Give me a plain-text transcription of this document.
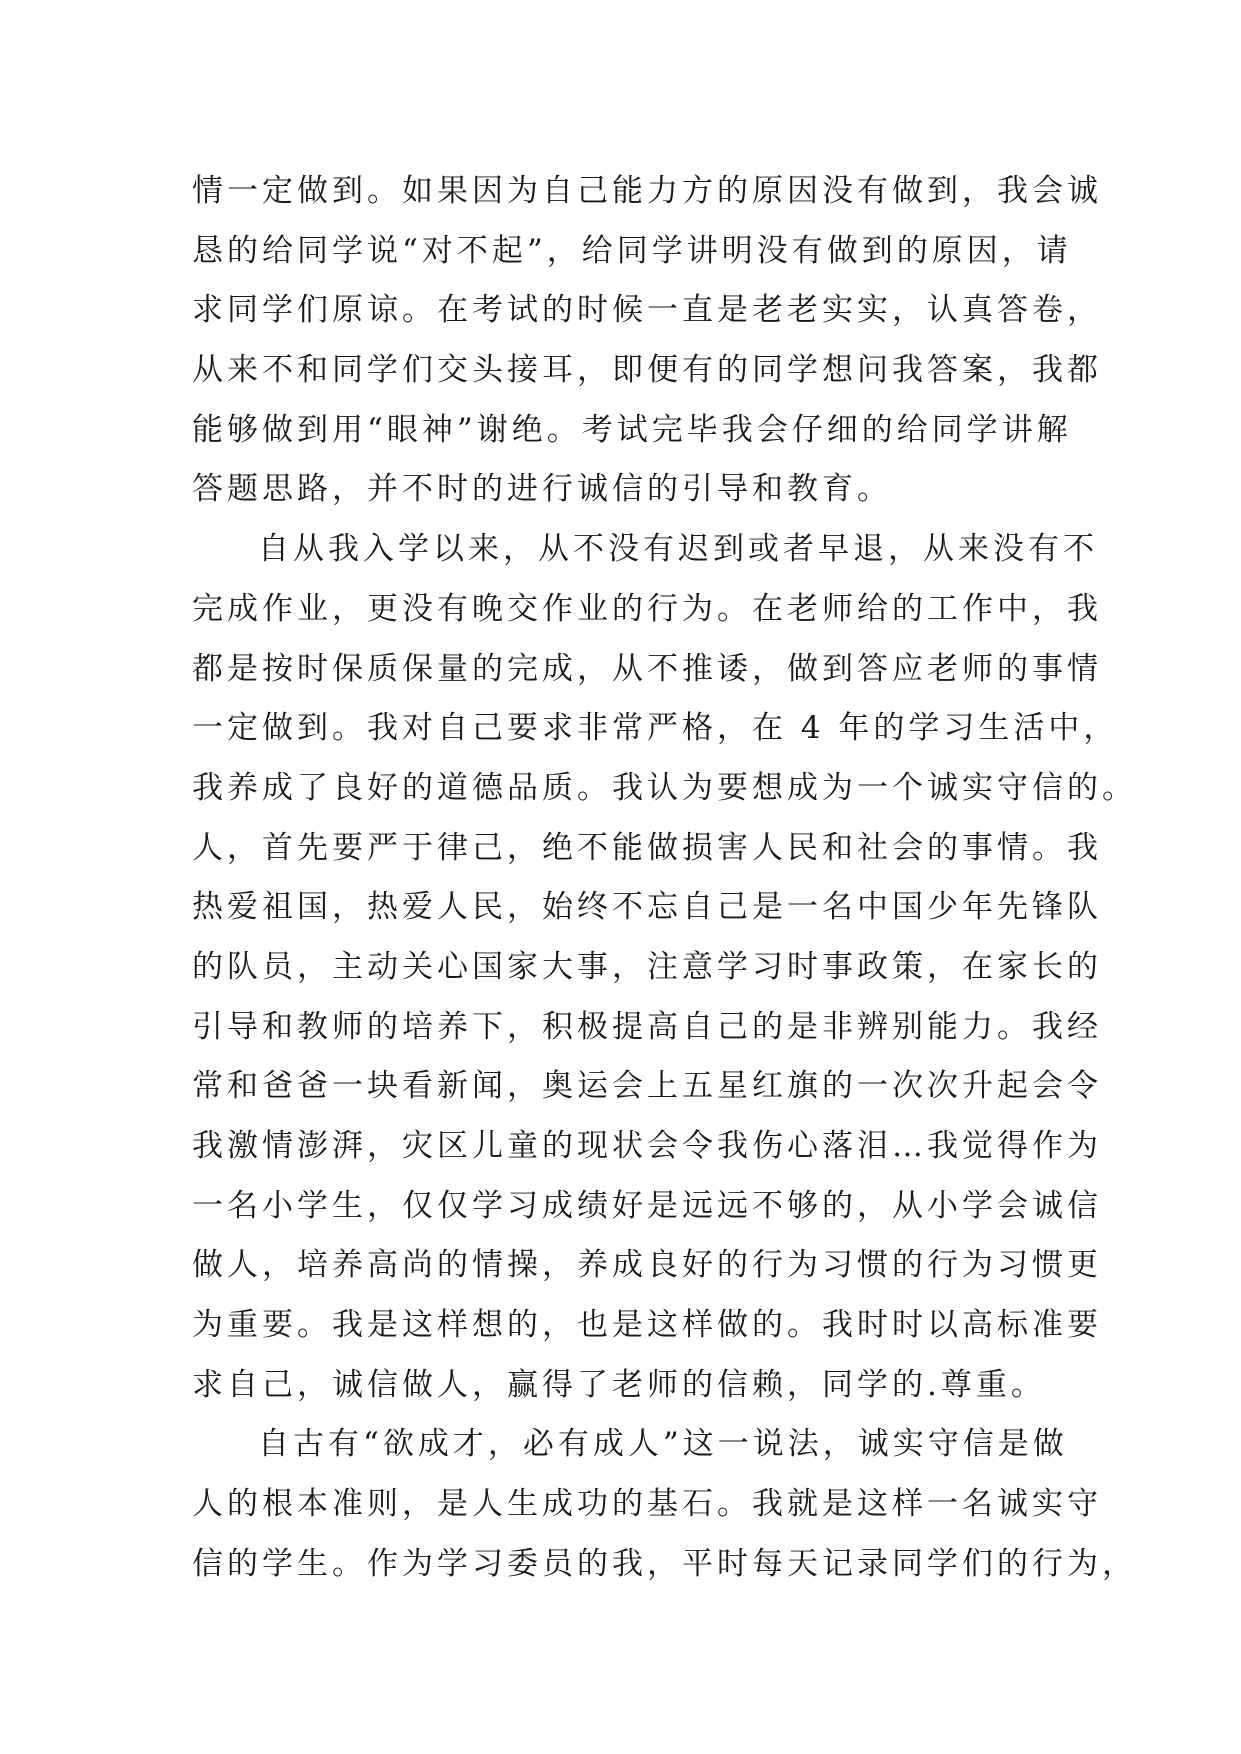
情一定做到。如果因为自己能力方的原因没有做到，我会诚
恳的给同学说“对不起”，给同学讲明没有做到的原因，请
求同学们原谅。在考试的时候一直是老老实实，认真答卷，
从来不和同学们交头接耳，即便有的同学想问我答案，我都
能够做到用“眼神”谢绝。考试完毕我会仔细的给同学讲解
答题思路，并不时的进行诚信的引导和教育。
自从我入学以来，从不没有迟到或者早退，从来没有不
完成作业，更没有晚交作业的行为。在老师给的工作中，我
都是按时保质保量的完成，从不推诿，做到答应老师的事情
一定做到。我对自己要求非常严格，在 4 年的学习生活中，
我养成了良好的道德品质。我认为要想成为一个诚实守信的。
人，首先要严于律己，绝不能做损害人民和社会的事情。我
热爱祖国，热爱人民，始终不忘自己是一名中国少年先锋队
的队员，主动关心国家大事，注意学习时事政策，在家长的
引导和教师的培养下，积极提高自己的是非辨别能力。我经
常和爸爸一块看新闻，奥运会上五星红旗的一次次升起会令
我激情澎湃，灾区儿童的现状会令我伤心落泪…我觉得作为
一名小学生，仅仅学习成绩好是远远不够的，从小学会诚信
做人，培养高尚的情操，养成良好的行为习惯的行为习惯更
为重要。我是这样想的，也是这样做的。我时时以高标准要
求自己，诚信做人，赢得了老师的信赖，同学的.尊重。
自古有“欲成才，必有成人”这一说法，诚实守信是做
人的根本准则，是人生成功的基石。我就是这样一名诚实守
信的学生。作为学习委员的我，平时每天记录同学们的行为，
